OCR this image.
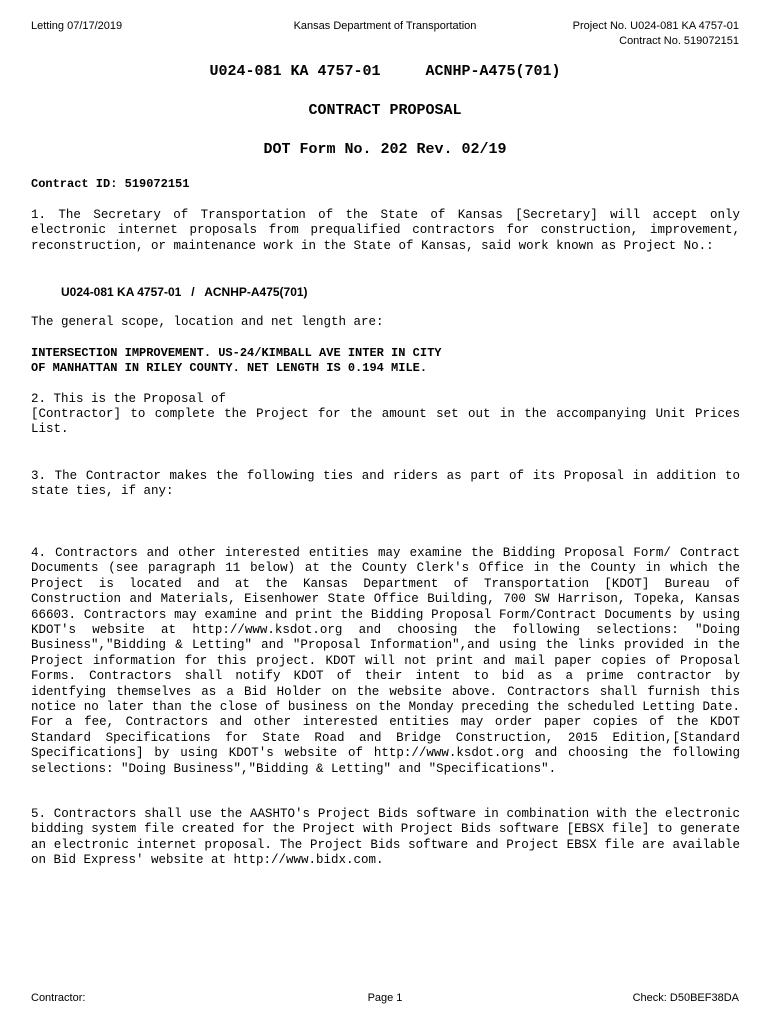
Letting 07/17/2019	Kansas Department of Transportation	Project No. U024-081 KA 4757-01
Contract No. 519072151
U024-081 KA 4757-01     ACNHP-A475(701)
CONTRACT PROPOSAL
DOT Form No. 202 Rev. 02/19
Contract ID: 519072151
1. The Secretary of Transportation of the State of Kansas [Secretary] will accept only electronic internet proposals from prequalified contractors for construction, improvement, reconstruction, or maintenance work in the State of Kansas, said work known as Project No.:
U024-081 KA 4757-01   /   ACNHP-A475(701)
The general scope, location and net length are:
INTERSECTION IMPROVEMENT. US-24/KIMBALL AVE INTER IN CITY
OF MANHATTAN IN RILEY COUNTY. NET LENGTH IS 0.194 MILE.
2. This is the Proposal of
[Contractor] to complete the Project for the amount set out in the accompanying Unit Prices List.
3. The Contractor makes the following ties and riders as part of its Proposal in addition to state ties, if any:
4. Contractors and other interested entities may examine the Bidding Proposal Form/ Contract Documents (see paragraph 11 below) at the County Clerk's Office in the County in which the Project is located and at the Kansas Department of Transportation [KDOT] Bureau of Construction and Materials, Eisenhower State Office Building, 700 SW Harrison, Topeka, Kansas 66603. Contractors may examine and print the Bidding Proposal Form/Contract Documents by using KDOT's website at http://www.ksdot.org and choosing the following selections: "Doing Business","Bidding & Letting" and "Proposal Information",and using the links provided in the Project information for this project. KDOT will not print and mail paper copies of Proposal Forms. Contractors shall notify KDOT of their intent to bid as a prime contractor by identfying themselves as a Bid Holder on the website above. Contractors shall furnish this notice no later than the close of business on the Monday preceding the scheduled Letting Date. For a fee, Contractors and other interested entities may order paper copies of the KDOT Standard Specifications for State Road and Bridge Construction, 2015 Edition,[Standard Specifications] by using KDOT's website of http://www.ksdot.org and choosing the following selections: "Doing Business","Bidding & Letting" and "Specifications".
5. Contractors shall use the AASHTO's Project Bids software in combination with the electronic bidding system file created for the Project with Project Bids software [EBSX file] to generate an electronic internet proposal. The Project Bids software and Project EBSX file are available on Bid Express' website at http://www.bidx.com.
Contractor:	Page 1	Check: D50BEF38DA
